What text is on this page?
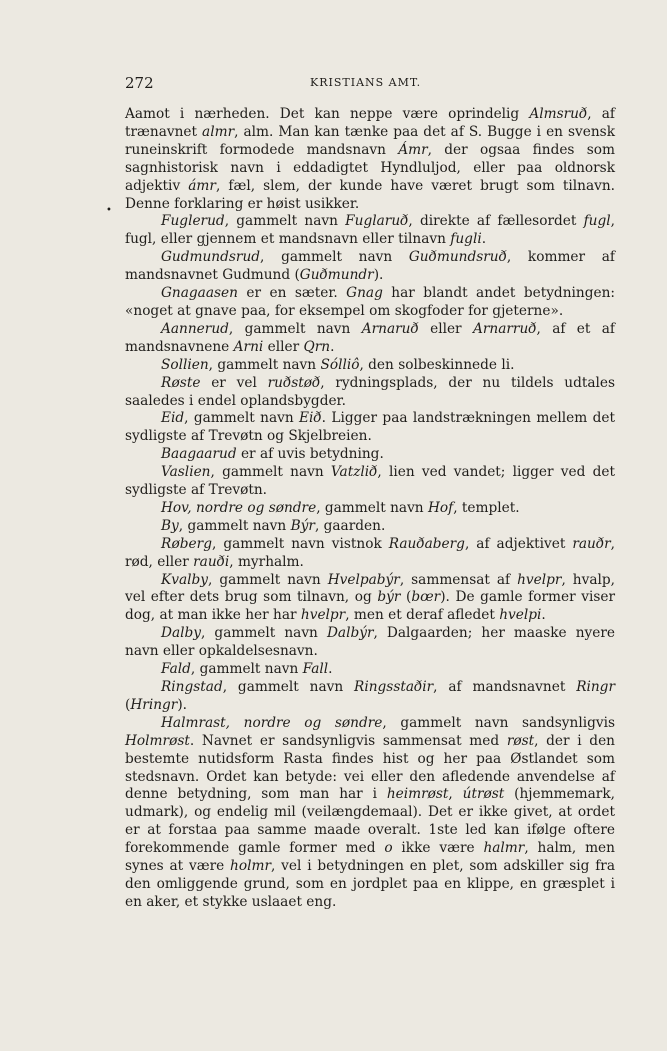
272	KRISTIANS AMT.
•

Aamot i nærheden. Det kan neppe være oprindelig Almsruð, af trænavnet almr, alm. Man kan tænke paa det af S. Bugge i en svensk runeinskrift formodede mandsnavn Ámr, der ogsaa findes som sagnhistorisk navn i eddadigtet Hyndluljod, eller paa oldnorsk adjektiv ámr, fæl, slem, der kunde have været brugt som tilnavn. Denne forklaring er høist usikker.

Fuglerud, gammelt navn Fuglaruð, direkte af fællesordet fugl, fugl, eller gjennem et mandsnavn eller tilnavn fugli.

Gudmundsrud, gammelt navn Guðmundsruð, kommer af mandsnavnet Gudmund (Guðmundr).

Gnagaasen er en sæter. Gnag har blandt andet betydningen: «noget at gnave paa, for eksempel om skogfoder for gjeterne».

Aannerud, gammelt navn Arnaruð eller Arnarruð, af et af mandsnavnene Arni eller Qrn.

Sollien, gammelt navn Sólliô, den solbeskinnede li.

Røste er vel ruðstøð, rydningsplads, der nu tildels udtales saaledes i endel oplandsbygder.

Eid, gammelt navn Eið. Ligger paa landstrækningen mellem det sydligste af Trevøtn og Skjelbreien.

Baagaarud er af uvis betydning.

Vaslien, gammelt navn Vatzlið, lien ved vandet; ligger ved det sydligste af Trevøtn.

Hov, nordre og søndre, gammelt navn Hof, templet.

By, gammelt navn Býr, gaarden.

Røberg, gammelt navn vistnok Rauðaberg, af adjektivet rauðr, rød, eller rauði, myrhalm.

Kvalby, gammelt navn Hvelpabýr, sammensat af hvelpr, hvalp, vel efter dets brug som tilnavn, og býr (bœr). De gamle former viser dog, at man ikke her har hvelpr, men et deraf afledet hvelpi.

Dalby, gammelt navn Dalbýr, Dalgaarden; her maaske nyere navn eller opkaldelsesnavn.

Fald, gammelt navn Fall.

Ringstad, gammelt navn Ringsstaðir, af mandsnavnet Ringr (Hringr).

Halmrast, nordre og søndre, gammelt navn sandsynligvis Holmrøst. Navnet er sandsynligvis sammensat med røst, der i den bestemte nutidsform Rasta findes hist og her paa Østlandet som stedsnavn. Ordet kan betyde: vei eller den afledende anvendelse af denne betydning, som man har i heimrøst, útrøst (hjemmemark, udmark), og endelig mil (veilængdemaal). Det er ikke givet, at ordet er at forstaa paa samme maade overalt. 1ste led kan ifølge oftere forekommende gamle former med o ikke være halmr, halm, men synes at være holmr, vel i betydningen en plet, som adskiller sig fra den omliggende grund, som en jordplet paa en klippe, en græsplet i en aker, et stykke uslaaet eng.
